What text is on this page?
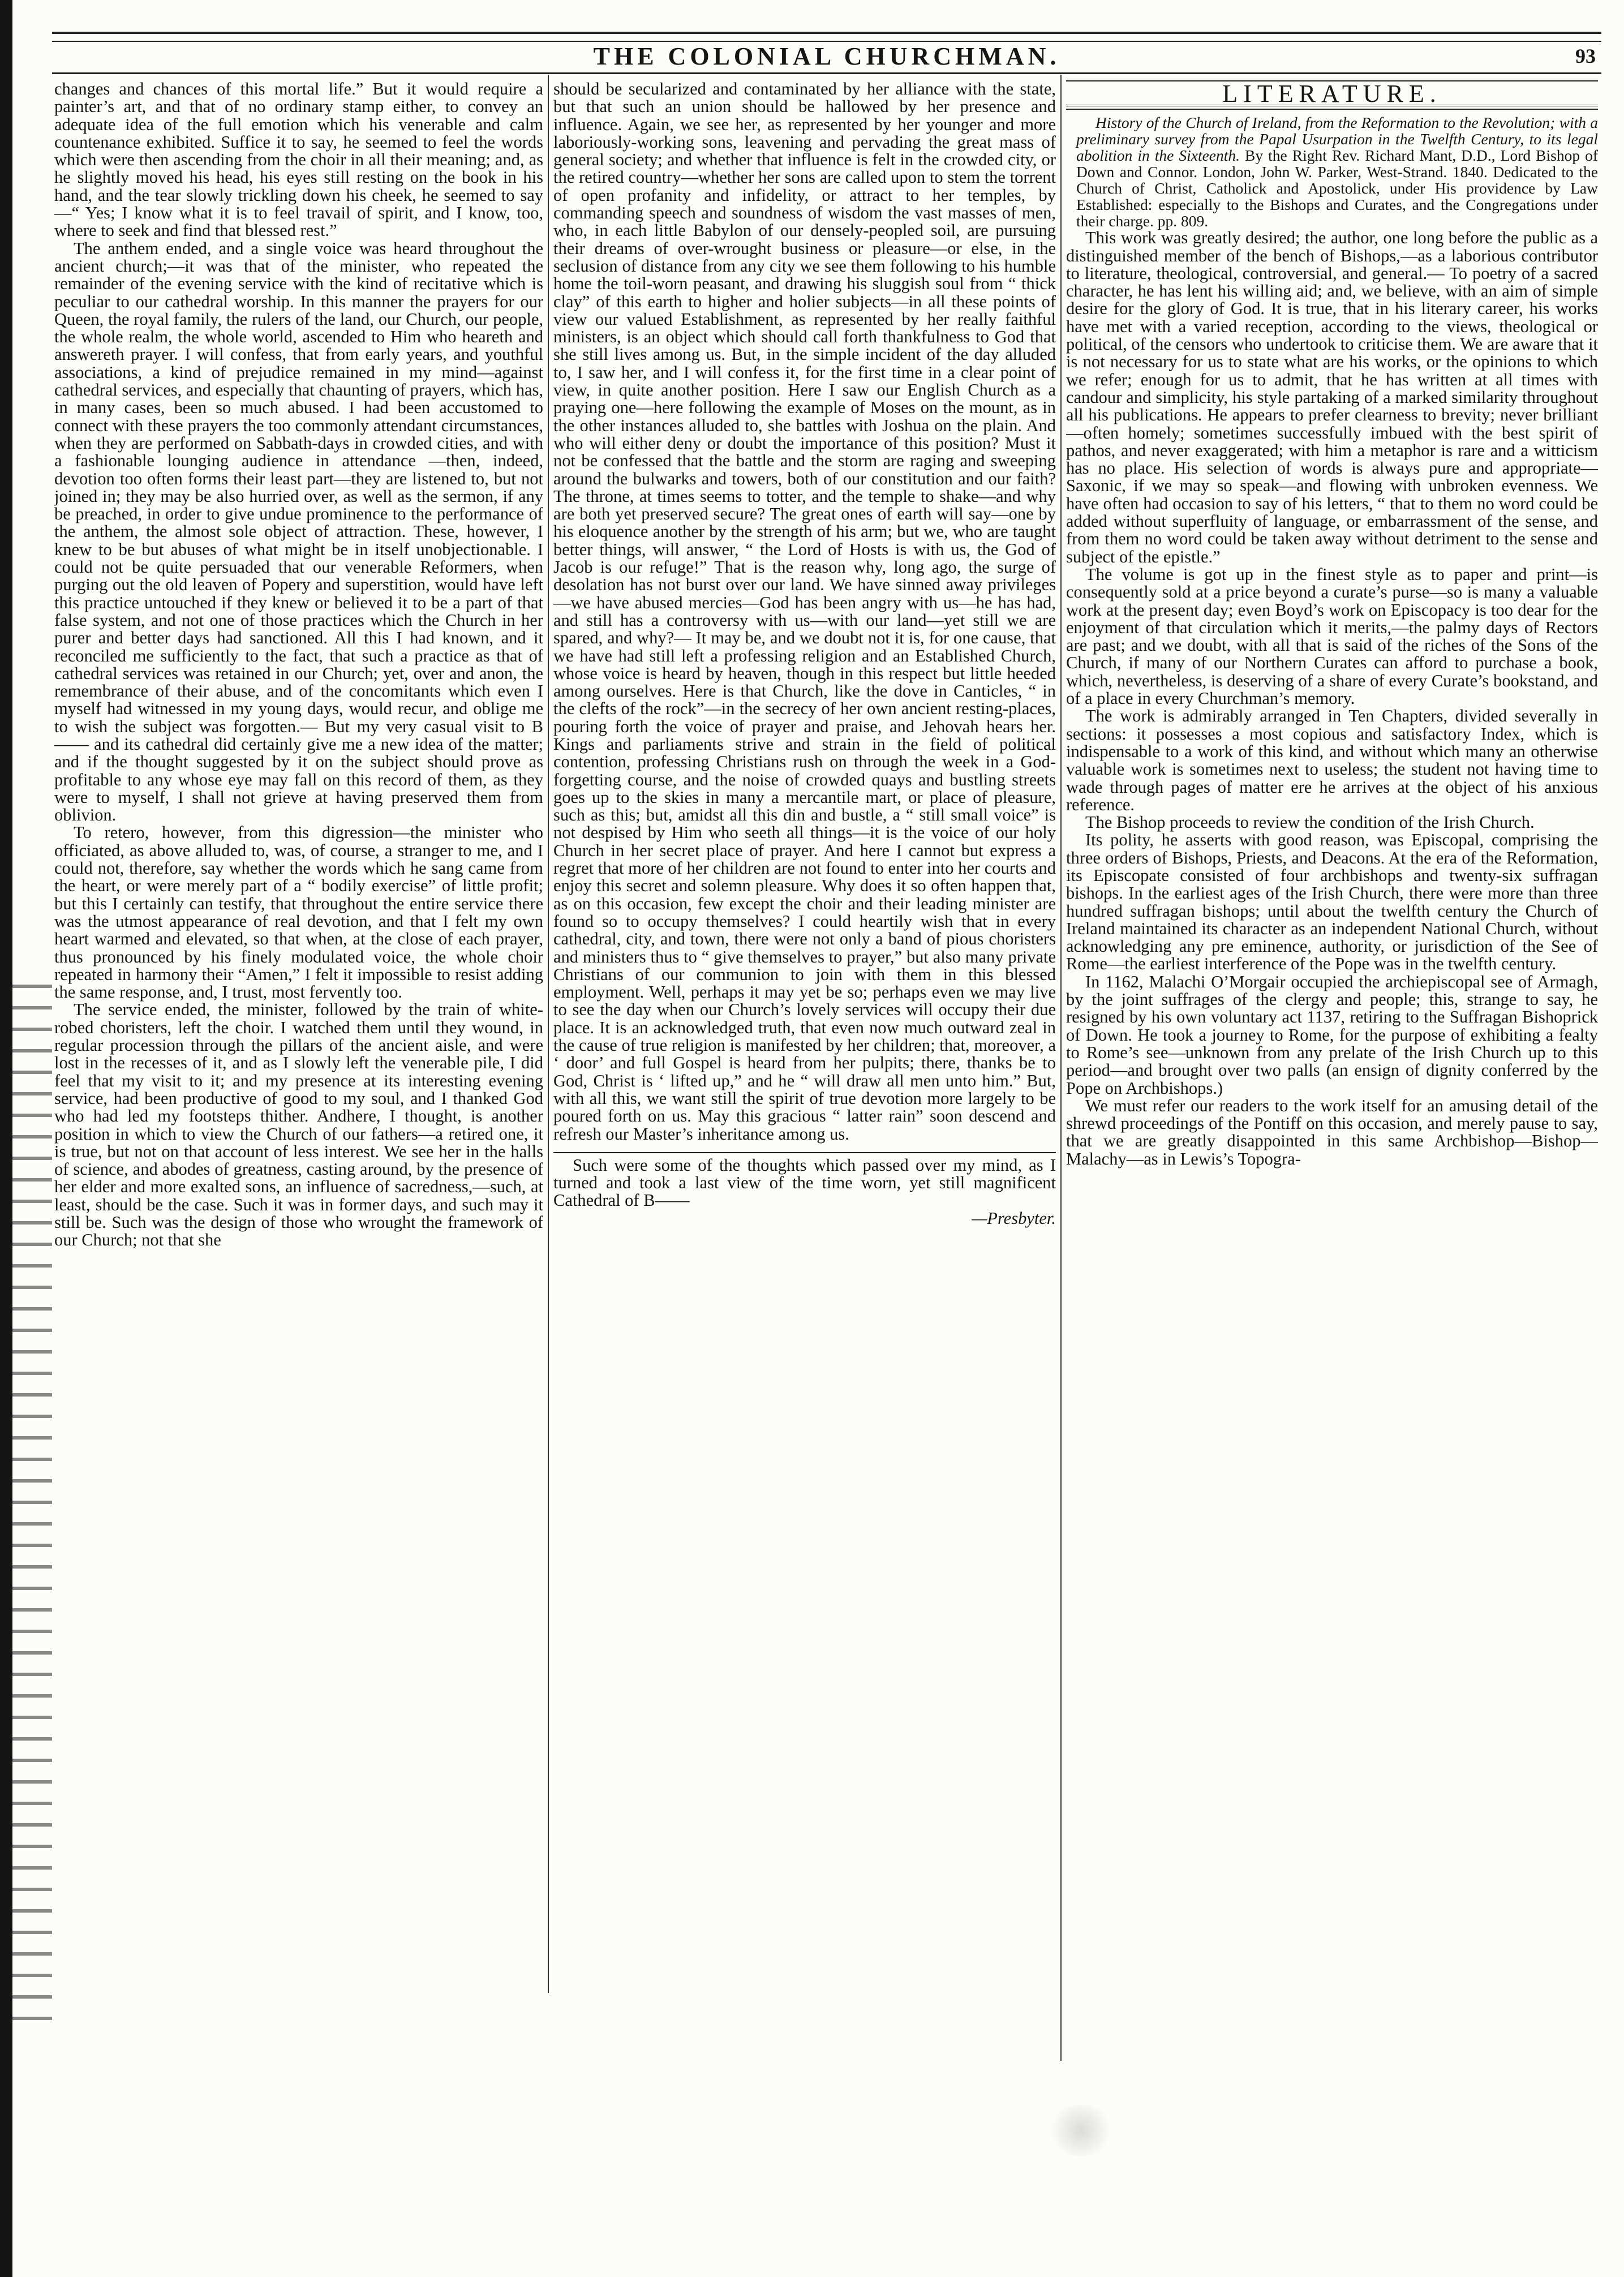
THE COLONIAL CHURCHMAN.	93

changes and chances of this mortal life.” But it would require a painter’s art, and that of no ordinary stamp either, to convey an adequate idea of the full emotion which his venerable and calm countenance exhibited. Suffice it to say, he seemed to feel the words which were then ascending from the choir in all their meaning; and, as he slightly moved his head, his eyes still resting on the book in his hand, and the tear slowly trickling down his cheek, he seemed to say—“ Yes; I know what it is to feel travail of spirit, and I know, too, where to seek and find that blessed rest.”

The anthem ended, and a single voice was heard throughout the ancient church;—it was that of the minister, who repeated the remainder of the evening service with the kind of recitative which is peculiar to our cathedral worship. In this manner the prayers for our Queen, the royal family, the rulers of the land, our Church, our people, the whole realm, the whole world, ascended to Him who heareth and answereth prayer. I will confess, that from early years, and youthful associations, a kind of prejudice remained in my mind—against cathedral services, and especially that chaunting of prayers, which has, in many cases, been so much abused. I had been accustomed to connect with these prayers the too commonly attendant circumstances, when they are performed on Sabbath-days in crowded cities, and with a fashionable lounging audience in attendance —then, indeed, devotion too often forms their least part—they are listened to, but not joined in; they may be also hurried over, as well as the sermon, if any be preached, in order to give undue prominence to the performance of the anthem, the almost sole object of attraction. These, however, I knew to be but abuses of what might be in itself unobjectionable. I could not be quite persuaded that our venerable Reformers, when purging out the old leaven of Popery and superstition, would have left this practice untouched if they knew or believed it to be a part of that false system, and not one of those practices which the Church in her purer and better days had sanctioned. All this I had known, and it reconciled me sufficiently to the fact, that such a practice as that of cathedral services was retained in our Church; yet, over and anon, the remembrance of their abuse, and of the concomitants which even I myself had witnessed in my young days, would recur, and oblige me to wish the subject was forgotten.— But my very casual visit to B—— and its cathedral did certainly give me a new idea of the matter; and if the thought suggested by it on the subject should prove as profitable to any whose eye may fall on this record of them, as they were to myself, I shall not grieve at having preserved them from oblivion.

To retero, however, from this digression—the minister who officiated, as above alluded to, was, of course, a stranger to me, and I could not, therefore, say whether the words which he sang came from the heart, or were merely part of a “ bodily exercise” of little profit; but this I certainly can testify, that throughout the entire service there was the utmost appearance of real devotion, and that I felt my own heart warmed and elevated, so that when, at the close of each prayer, thus pronounced by his finely modulated voice, the whole choir repeated in harmony their “Amen,” I felt it impossible to resist adding the same response, and, I trust, most fervently too.

The service ended, the minister, followed by the train of white-robed choristers, left the choir. I watched them until they wound, in regular procession through the pillars of the ancient aisle, and were lost in the recesses of it, and as I slowly left the venerable pile, I did feel that my visit to it; and my presence at its interesting evening service, had been productive of good to my soul, and I thanked God who had led my footsteps thither. Andhere, I thought, is another position in which to view the Church of our fathers—a retired one, it is true, but not on that account of less interest. We see her in the halls of science, and abodes of greatness, casting around, by the presence of her elder and more exalted sons, an influence of sacredness,—such, at least, should be the case. Such it was in former days, and such may it still be. Such was the design of those who wrought the framework of our Church; not that she

should be secularized and contaminated by her alliance with the state, but that such an union should be hallowed by her presence and influence. Again, we see her, as represented by her younger and more laboriously-working sons, leavening and pervading the great mass of general society; and whether that influence is felt in the crowded city, or the retired country—whether her sons are called upon to stem the torrent of open profanity and infidelity, or attract to her temples, by commanding speech and soundness of wisdom the vast masses of men, who, in each little Babylon of our densely-peopled soil, are pursuing their dreams of over-wrought business or pleasure—or else, in the seclusion of distance from any city we see them following to his humble home the toil-worn peasant, and drawing his sluggish soul from “ thick clay” of this earth to higher and holier subjects—in all these points of view our valued Establishment, as represented by her really faithful ministers, is an object which should call forth thankfulness to God that she still lives among us. But, in the simple incident of the day alluded to, I saw her, and I will confess it, for the first time in a clear point of view, in quite another position. Here I saw our English Church as a praying one—here following the example of Moses on the mount, as in the other instances alluded to, she battles with Joshua on the plain. And who will either deny or doubt the importance of this position? Must it not be confessed that the battle and the storm are raging and sweeping around the bulwarks and towers, both of our constitution and our faith? The throne, at times seems to totter, and the temple to shake—and why are both yet preserved secure? The great ones of earth will say—one by his eloquence another by the strength of his arm; but we, who are taught better things, will answer, “ the Lord of Hosts is with us, the God of Jacob is our refuge!” That is the reason why, long ago, the surge of desolation has not burst over our land. We have sinned away privileges—we have abused mercies—God has been angry with us—he has had, and still has a controversy with us—with our land—yet still we are spared, and why?— It may be, and we doubt not it is, for one cause, that we have had still left a professing religion and an Established Church, whose voice is heard by heaven, though in this respect but little heeded among ourselves. Here is that Church, like the dove in Canticles, “ in the clefts of the rock”—in the secrecy of her own ancient resting-places, pouring forth the voice of prayer and praise, and Jehovah hears her. Kings and parliaments strive and strain in the field of political contention, professing Christians rush on through the week in a God-forgetting course, and the noise of crowded quays and bustling streets goes up to the skies in many a mercantile mart, or place of pleasure, such as this; but, amidst all this din and bustle, a “ still small voice” is not despised by Him who seeth all things—it is the voice of our holy Church in her secret place of prayer. And here I cannot but express a regret that more of her children are not found to enter into her courts and enjoy this secret and solemn pleasure. Why does it so often happen that, as on this occasion, few except the choir and their leading minister are found so to occupy themselves? I could heartily wish that in every cathedral, city, and town, there were not only a band of pious choristers and ministers thus to “ give themselves to prayer,” but also many private Christians of our communion to join with them in this blessed employment. Well, perhaps it may yet be so; perhaps even we may live to see the day when our Church’s lovely services will occupy their due place. It is an acknowledged truth, that even now much outward zeal in the cause of true religion is manifested by her children; that, moreover, a ‘ door’ and full Gospel is heard from her pulpits; there, thanks be to God, Christ is ‘ lifted up,” and he “ will draw all men unto him.” But, with all this, we want still the spirit of true devotion more largely to be poured forth on us. May this gracious “ latter rain” soon descend and refresh our Master’s inheritance among us.

Such were some of the thoughts which passed over my mind, as I turned and took a last view of the time worn, yet still magnificent Cathedral of B——

—Presbyter.

LITERATURE.

History of the Church of Ireland, from the Reformation to the Revolution; with a preliminary survey from the Papal Usurpation in the Twelfth Century, to its legal abolition in the Sixteenth. By the Right Rev. Richard Mant, D.D., Lord Bishop of Down and Connor. London, John W. Parker, West-Strand. 1840. Dedicated to the Church of Christ, Catholick and Apostolick, under His providence by Law Established: especially to the Bishops and Curates, and the Congregations under their charge. pp. 809.

This work was greatly desired; the author, one long before the public as a distinguished member of the bench of Bishops,—as a laborious contributor to literature, theological, controversial, and general.— To poetry of a sacred character, he has lent his willing aid; and, we believe, with an aim of simple desire for the glory of God. It is true, that in his literary career, his works have met with a varied reception, according to the views, theological or political, of the censors who undertook to criticise them. We are aware that it is not necessary for us to state what are his works, or the opinions to which we refer; enough for us to admit, that he has written at all times with candour and simplicity, his style partaking of a marked similarity throughout all his publications. He appears to prefer clearness to brevity; never brilliant—often homely; sometimes successfully imbued with the best spirit of pathos, and never exaggerated; with him a metaphor is rare and a witticism has no place. His selection of words is always pure and appropriate—Saxonic, if we may so speak—and flowing with unbroken evenness. We have often had occasion to say of his letters, “ that to them no word could be added without superfluity of language, or embarrassment of the sense, and from them no word could be taken away without detriment to the sense and subject of the epistle.”

The volume is got up in the finest style as to paper and print—is consequently sold at a price beyond a curate’s purse—so is many a valuable work at the present day; even Boyd’s work on Episcopacy is too dear for the enjoyment of that circulation which it merits,—the palmy days of Rectors are past; and we doubt, with all that is said of the riches of the Sons of the Church, if many of our Northern Curates can afford to purchase a book, which, nevertheless, is deserving of a share of every Curate’s bookstand, and of a place in every Churchman’s memory.

The work is admirably arranged in Ten Chapters, divided severally in sections: it possesses a most copious and satisfactory Index, which is indispensable to a work of this kind, and without which many an otherwise valuable work is sometimes next to useless; the student not having time to wade through pages of matter ere he arrives at the object of his anxious reference.

The Bishop proceeds to review the condition of the Irish Church.

Its polity, he asserts with good reason, was Episcopal, comprising the three orders of Bishops, Priests, and Deacons. At the era of the Reformation, its Episcopate consisted of four archbishops and twenty-six suffragan bishops. In the earliest ages of the Irish Church, there were more than three hundred suffragan bishops; until about the twelfth century the Church of Ireland maintained its character as an independent National Church, without acknowledging any pre eminence, authority, or jurisdiction of the See of Rome—the earliest interference of the Pope was in the twelfth century.

In 1162, Malachi O’Morgair occupied the archiepiscopal see of Armagh, by the joint suffrages of the clergy and people; this, strange to say, he resigned by his own voluntary act 1137, retiring to the Suffragan Bishoprick of Down. He took a journey to Rome, for the purpose of exhibiting a fealty to Rome’s see—unknown from any prelate of the Irish Church up to this period—and brought over two palls (an ensign of dignity conferred by the Pope on Archbishops.)

We must refer our readers to the work itself for an amusing detail of the shrewd proceedings of the Pontiff on this occasion, and merely pause to say, that we are greatly disappointed in this same Archbishop—Bishop—Malachy—as in Lewis’s Topogra-
